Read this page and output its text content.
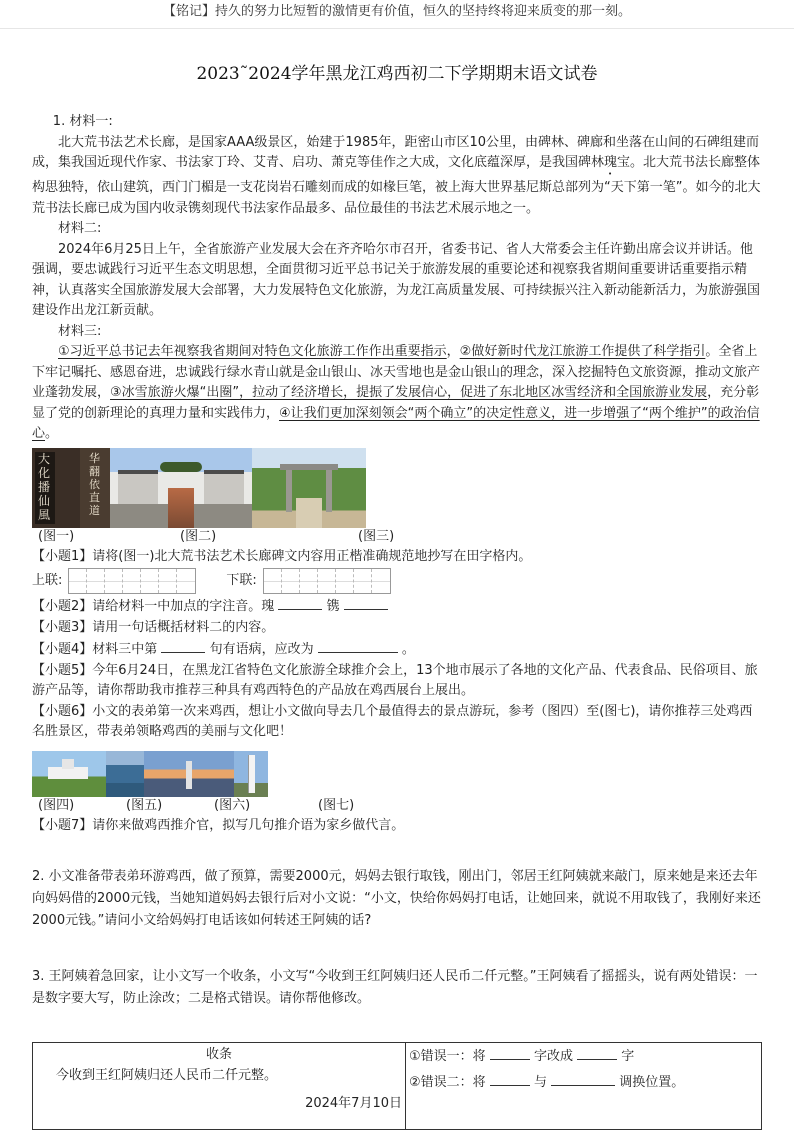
【铭记】持久的努力比短暂的激情更有价值，恒久的坚持终将迎来质变的那一刻。
2023˜2024学年黑龙江鸡西初二下学期期末语文试卷

1. 材料一:

北大荒书法艺术长廊，是国家AAA级景区，始建于1985年，距密山市区10公里，由碑林、碑廊和坐落在山间的石碑组建而成，集我国近现代作家、书法家丁玲、艾青、启功、萧克等佳作之大成，文化底蕴深厚，是我国碑林瑰宝。北大荒书法长廊整体构思独特，依山建筑，西门门楣是一支花岗岩石雕刻而成的如椽巨笔，被上海大世界基尼斯总部列为“天下第一笔”。如今的北大荒书法长廊已成为国内收录镌刻现代书法家作品最多、品位最佳的书法艺术展示地之一。

材料二:

2024年6月25日上午，全省旅游产业发展大会在齐齐哈尔市召开，省委书记、省人大常委会主任许勤出席会议并讲话。他强调，要忠诚践行习近平生态文明思想，全面贯彻习近平总书记关于旅游发展的重要论述和视察我省期间重要讲话重要指示精神，认真落实全国旅游发展大会部署，大力发展特色文化旅游，为龙江高质量发展、可持续振兴注入新动能新活力，为旅游强国建设作出龙江新贡献。

材料三:

①习近平总书记去年视察我省期间对特色文化旅游工作作出重要指示，②做好新时代龙江旅游工作提供了科学指引。全省上下牢记嘱托、感恩奋进，忠诚践行绿水青山就是金山银山、冰天雪地也是金山银山的理念，深入挖掘特色文旅资源，推动文旅产业蓬勃发展，③冰雪旅游火爆“出圈”，拉动了经济增长，提振了发展信心，促进了东北地区冰雪经济和全国旅游业发展，充分彰显了党的创新理论的真理力量和实践伟力，④让我们更加深刻领会“两个确立”的决定性意义，进一步增强了“两个维护”的政治信心。

大化播仙風
华翻 依直道
(图一)	(图二)	(图三)

【小题1】请将(图一)北大荒书法艺术长廊碑文内容用正楷准确规范地抄写在田字格内。

上联:	下联:

【小题2】请给材料一中加点的字注音。瑰	镌

【小题3】请用一句话概括材料二的内容。

【小题4】材料三中第	句有语病，应改为	。

【小题5】今年6月24日，在黑龙江省特色文化旅游全球推介会上，13个地市展示了各地的文化产品、代表食品、民俗项目、旅游产品等，请你帮助我市推荐三种具有鸡西特色的产品放在鸡西展台上展出。

【小题6】小文的表弟第一次来鸡西，想让小文做向导去几个最值得去的景点游玩，参考（图四）至(图七)，请你推荐三处鸡西名胜景区，带表弟领略鸡西的美丽与文化吧！

(图四)	(图五)	(图六)	(图七)

【小题7】请你来做鸡西推介官，拟写几句推介语为家乡做代言。

2. 小文准备带表弟环游鸡西，做了预算，需要2000元，妈妈去银行取钱，刚出门，邻居王红阿姨就来敲门，原来她是来还去年向妈妈借的2000元钱，当她知道妈妈去银行后对小文说：“小文，快给你妈妈打电话，让她回来，就说不用取钱了，我刚好来还2000元钱。”请问小文给妈妈打电话该如何转述王阿姨的话?

3. 王阿姨着急回家，让小文写一个收条，小文写“今收到王红阿姨归还人民币二仟元整。”王阿姨看了摇摇头，说有两处错误：一是数字要大写，防止涂改；二是格式错误。请你帮他修改。

收条
今收到王红阿姨归还人民币二仟元整。
2024年7月10日

①错误一：将	字改成	字
②错误二：将	与	调换位置。
